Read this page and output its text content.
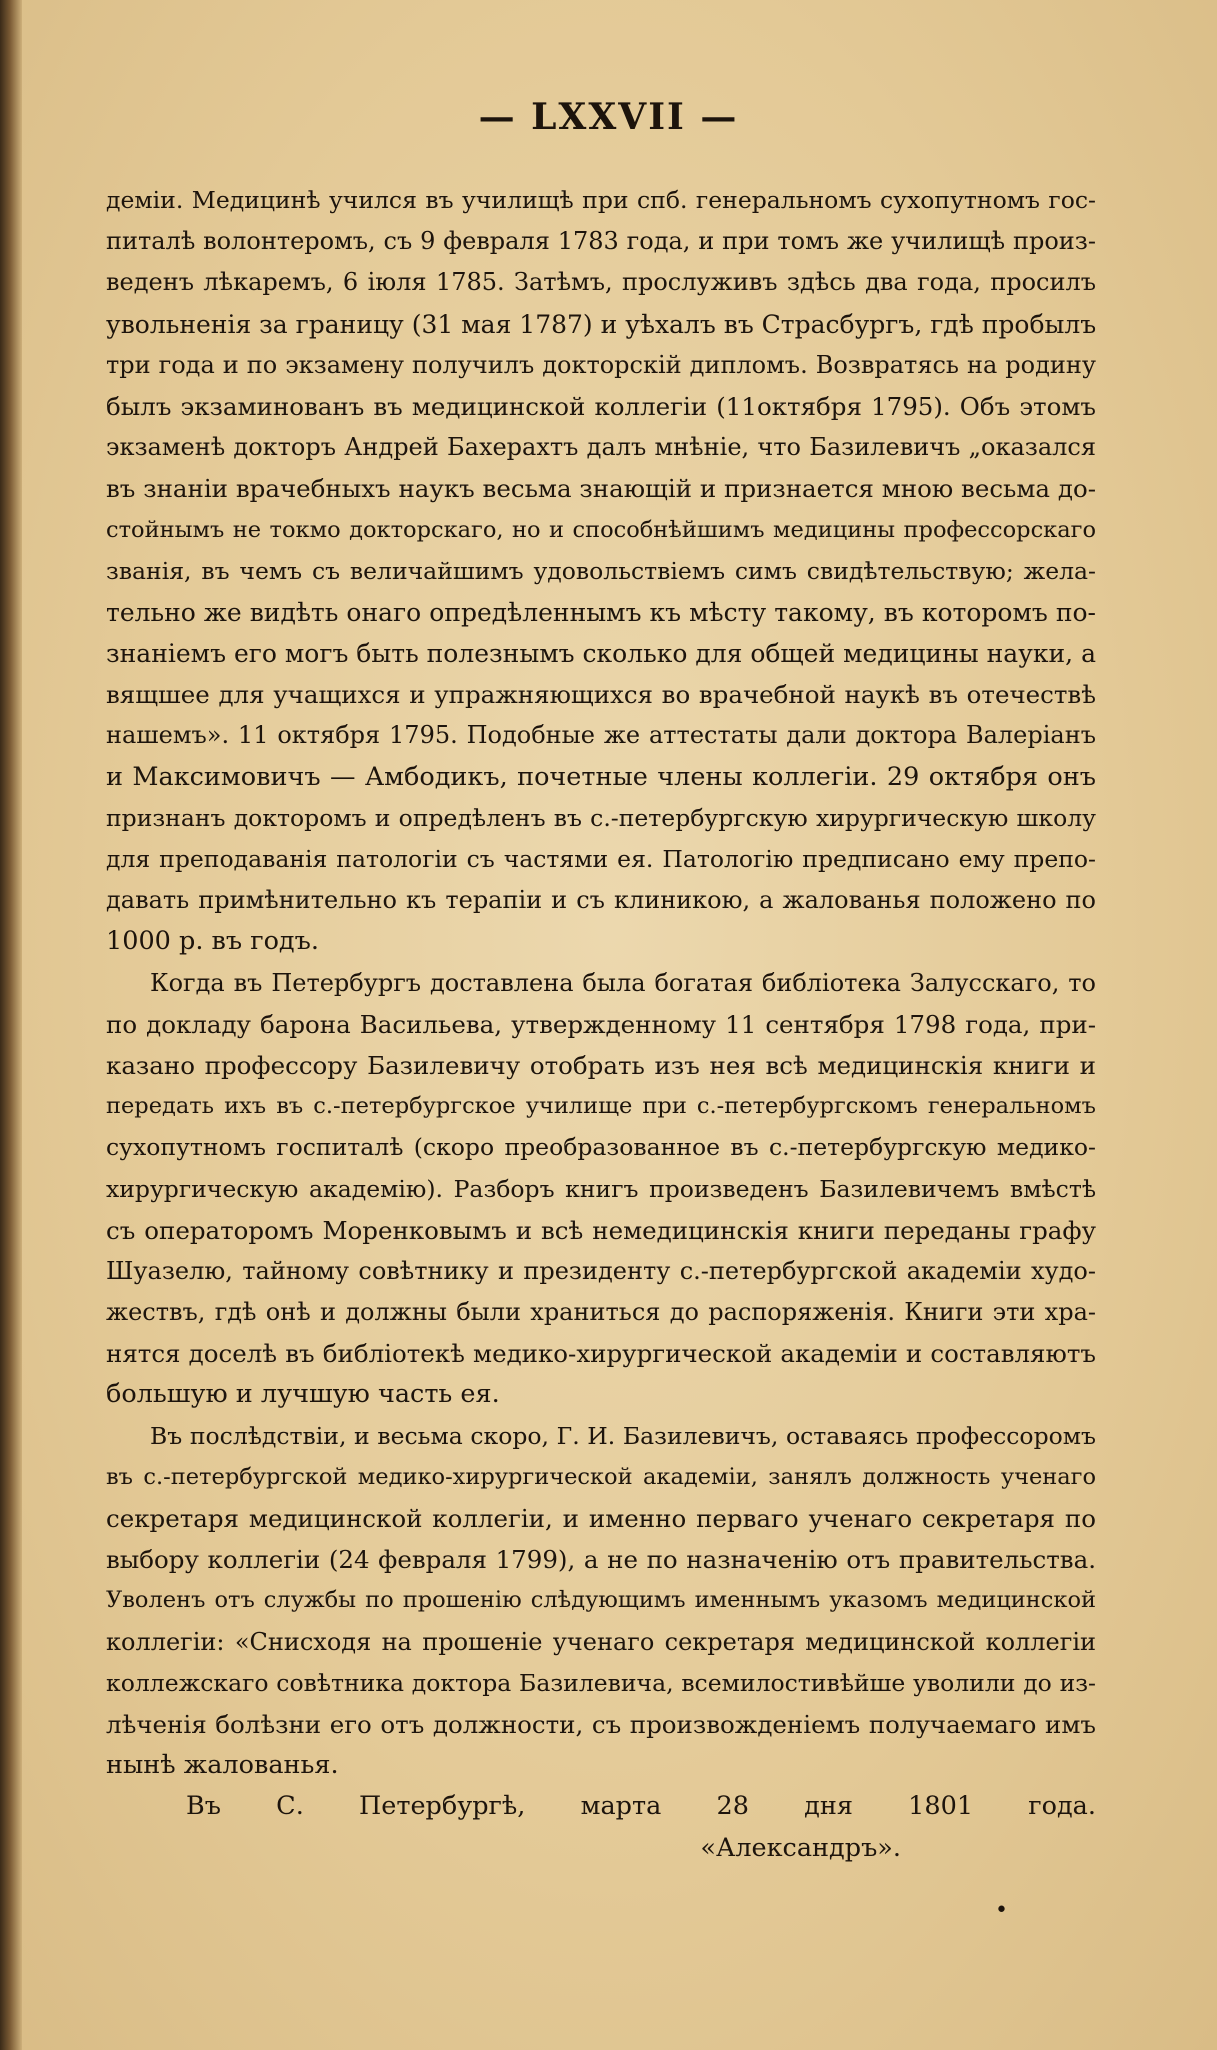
— LXXVII —
деміи. Медицинѣ учился въ училищѣ при спб. генеральномъ сухопутномъ гос-
питалѣ волонтеромъ, съ 9 февраля 1783 года, и при томъ же училищѣ произ-
веденъ лѣкаремъ, 6 іюля 1785. Затѣмъ, прослуживъ здѣсь два года, просилъ
увольненія за границу (31 мая 1787) и уѣхалъ въ Страсбургъ, гдѣ пробылъ
три года и по экзамену получилъ докторскій дипломъ. Возвратясь на родину
былъ экзаминованъ въ медицинской коллегіи (11октября 1795). Объ этомъ
экзаменѣ докторъ Андрей Бахерахтъ далъ мнѣніе, что Базилевичъ „оказался
въ знаніи врачебныхъ наукъ весьма знающій и признается мною весьма до-
стойнымъ не токмо докторскаго, но и способнѣйшимъ медицины профессорскаго
званія, въ чемъ съ величайшимъ удовольствіемъ симъ свидѣтельствую; жела-
тельно же видѣть онаго опредѣленнымъ къ мѣсту такому, въ которомъ по-
знаніемъ его могъ быть полезнымъ сколько для общей медицины науки, а
вящшее для учащихся и упражняющихся во врачебной наукѣ въ отечествѣ
нашемъ». 11 октября 1795. Подобные же аттестаты дали доктора Валеріанъ
и Максимовичъ — Амбодикъ, почетные члены коллегіи. 29 октября онъ
признанъ докторомъ и опредѣленъ въ с.-петербургскую хирургическую школу
для преподаванія патологіи съ частями ея. Патологію предписано ему препо-
давать примѣнительно къ терапіи и съ клиникою, а жалованья положено по
1000 р. въ годъ.
Когда въ Петербургъ доставлена была богатая библіотека Залусскаго, то
по докладу барона Васильева, утвержденному 11 сентября 1798 года, при-
казано профессору Базилевичу отобрать изъ нея всѣ медицинскія книги и
передать ихъ въ с.-петербургское училище при с.-петербургскомъ генеральномъ
сухопутномъ госпиталѣ (скоро преобразованное въ с.-петербургскую медико-
хирургическую академію). Разборъ книгъ произведенъ Базилевичемъ вмѣстѣ
съ операторомъ Моренковымъ и всѣ немедицинскія книги переданы графу
Шуазелю, тайному совѣтнику и президенту с.-петербургской академіи худо-
жествъ, гдѣ онѣ и должны были храниться до распоряженія. Книги эти хра-
нятся доселѣ въ библіотекѣ медико-хирургической академіи и составляютъ
большую и лучшую часть ея.
Въ послѣдствіи, и весьма скоро, Г. И. Базилевичъ, оставаясь профессоромъ
въ с.-петербургской медико-хирургической академіи, занялъ должность ученаго
секретаря медицинской коллегіи, и именно перваго ученаго секретаря по
выбору коллегіи (24 февраля 1799), а не по назначенію отъ правительства.
Уволенъ отъ службы по прошенію слѣдующимъ именнымъ указомъ медицинской
коллегіи: «Снисходя на прошеніе ученаго секретаря медицинской коллегіи
коллежскаго совѣтника доктора Базилевича, всемилостивѣйше уволили до из-
лѣченія болѣзни его отъ должности, съ произвожденіемъ получаемаго имъ
нынѣ жалованья.
Въ С. Петербургѣ, марта 28 дня 1801 года.
«Александръ».
•
